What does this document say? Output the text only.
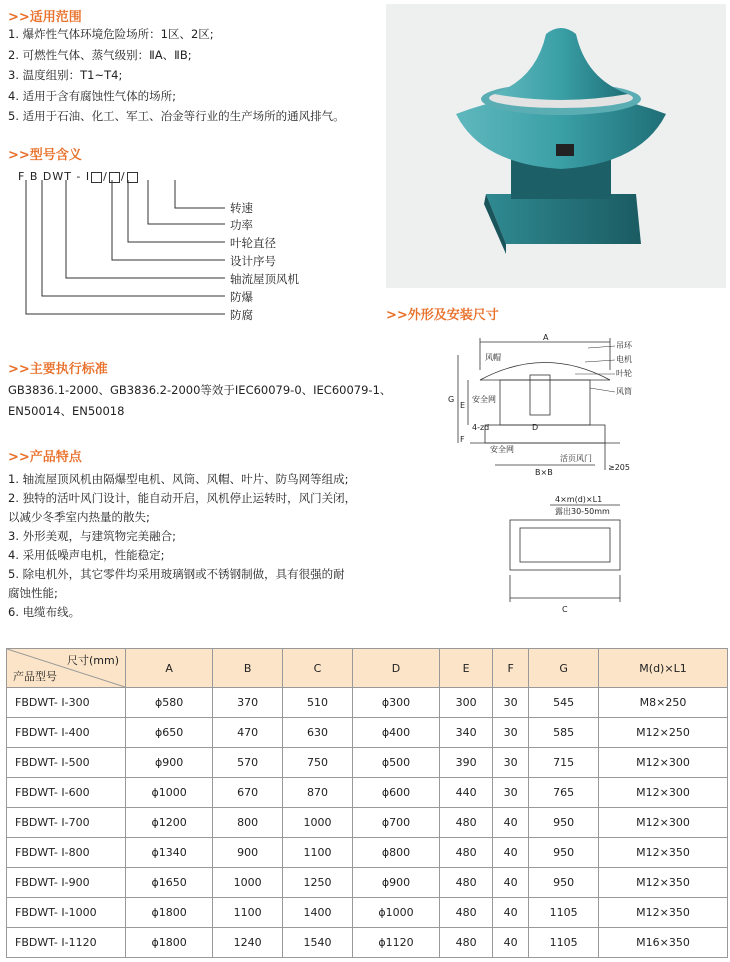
>>适用范围
1. 爆炸性气体环境危险场所：1区、2区;
2. 可燃性气体、蒸气级别：ⅡA、ⅡB;
3. 温度组别：T1~T4;
4. 适用于含有腐蚀性气体的场所;
5. 适用于石油、化工、军工、冶金等行业的生产场所的通风排气。
>>型号含义
F B DWT - Ⅰ / /
转速
功率
叶轮直径
设计序号
轴流屋顶风机
防爆
防腐	>>外形及安装尺寸
A
吊环
风帽	电机
叶轮
风筒
安全网
安全网
4-zd	D
E
F
G
活页风门
B×B
≥205
4×m(d)×L1
露出30-50mm
C
>>主要执行标准
GB3836.1-2000、GB3836.2-2000等效于IEC60079-0、IEC60079-1、
EN50014、EN50018
>>产品特点
1. 轴流屋顶风机由隔爆型电机、风筒、风帽、叶片、防鸟网等组成;
2. 独特的活叶风门设计，能自动开启，风机停止运转时，风门关闭，
以减少冬季室内热量的散失;
3. 外形美观，与建筑物完美融合;
4. 采用低噪声电机，性能稳定;
5. 除电机外，其它零件均采用玻璃钢或不锈钢制做，具有很强的耐
腐蚀性能;
6. 电缆布线。
尺寸(mm)
产品型号	A	B	C	D	E	F	G	M(d)×L1
FBDWT- Ⅰ-300	ϕ580	370	510	ϕ300	300	30	545	M8×250
FBDWT- Ⅰ-400	ϕ650	470	630	ϕ400	340	30	585	M12×250
FBDWT- Ⅰ-500	ϕ900	570	750	ϕ500	390	30	715	M12×300
FBDWT- Ⅰ-600	ϕ1000	670	870	ϕ600	440	30	765	M12×300
FBDWT- Ⅰ-700	ϕ1200	800	1000	ϕ700	480	40	950	M12×300
FBDWT- Ⅰ-800	ϕ1340	900	1100	ϕ800	480	40	950	M12×350
FBDWT- Ⅰ-900	ϕ1650	1000	1250	ϕ900	480	40	950	M12×350
FBDWT- Ⅰ-1000	ϕ1800	1100	1400	ϕ1000	480	40	1105	M12×350
FBDWT- Ⅰ-1120	ϕ1800	1240	1540	ϕ1120	480	40	1105	M16×350
